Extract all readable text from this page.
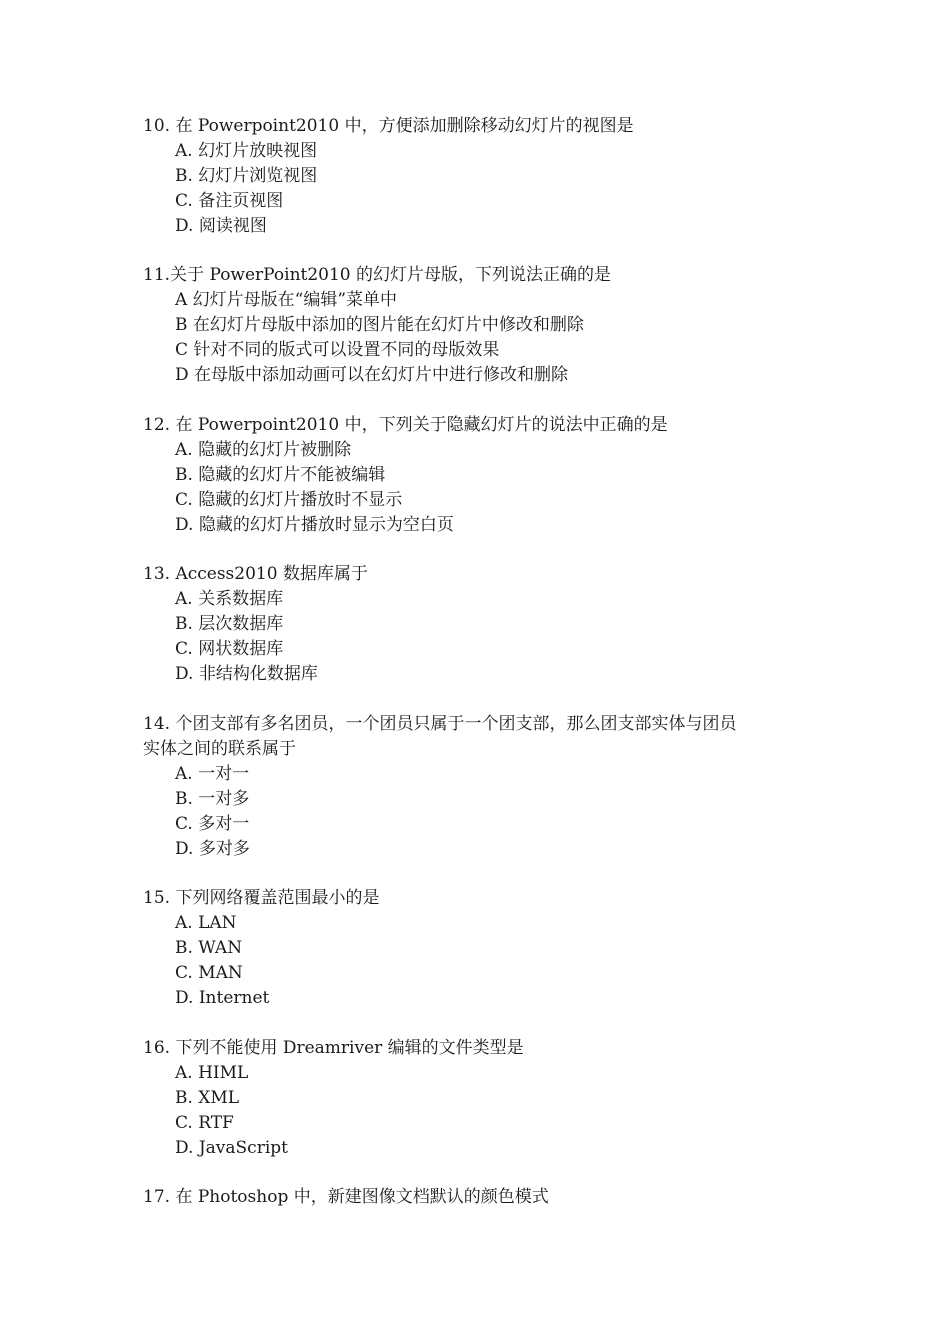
10. 在 Powerpoint2010 中，方便添加删除移动幻灯片的视图是
A. 幻灯片放映视图
B. 幻灯片浏览视图
C. 备注页视图
D. 阅读视图
11.关于 PowerPoint2010 的幻灯片母版，下列说法正确的是
A 幻灯片母版在“编辑”菜单中
B 在幻灯片母版中添加的图片能在幻灯片中修改和删除
C 针对不同的版式可以设置不同的母版效果
D 在母版中添加动画可以在幻灯片中进行修改和删除
12. 在 Powerpoint2010 中，下列关于隐藏幻灯片的说法中正确的是
A. 隐藏的幻灯片被删除
B. 隐藏的幻灯片不能被编辑
C. 隐藏的幻灯片播放时不显示
D. 隐藏的幻灯片播放时显示为空白页
13. Access2010 数据库属于
A. 关系数据库
B. 层次数据库
C. 网状数据库
D. 非结构化数据库
14. 个团支部有多名团员，一个团员只属于一个团支部，那么团支部实体与团员
实体之间的联系属于
A. 一对一
B. 一对多
C. 多对一
D. 多对多
15. 下列网络覆盖范围最小的是
A. LAN
B. WAN
C. MAN
D. Internet
16. 下列不能使用 Dreamriver 编辑的文件类型是
A. HIML
B. XML
C. RTF
D. JavaScript
17. 在 Photoshop 中，新建图像文档默认的颜色模式
